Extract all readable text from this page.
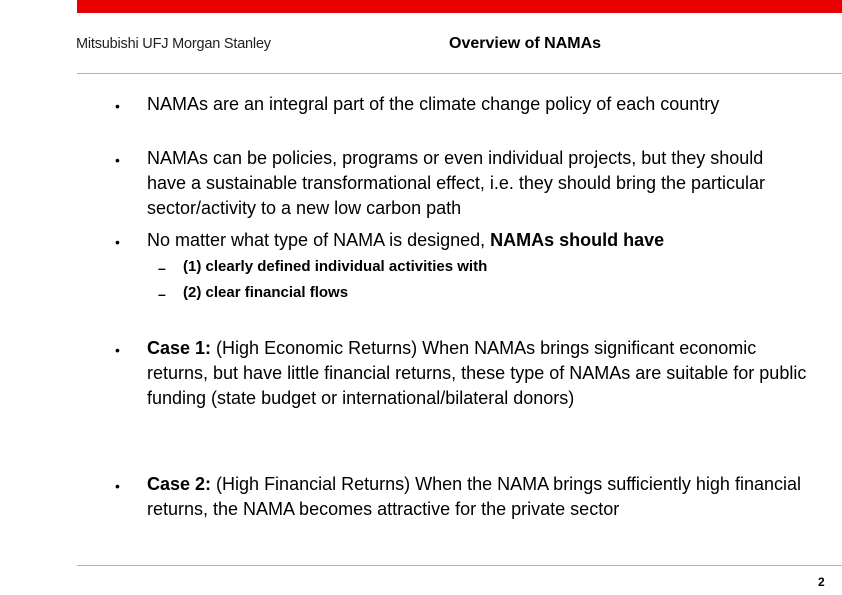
Mitsubishi UFJ Morgan Stanley	Overview of NAMAs
• NAMAs are an integral part of the climate change policy of each country
• NAMAs can be policies, programs or even individual projects, but they should have a sustainable transformational effect, i.e. they should bring the particular sector/activity to a new low carbon path
• No matter what type of NAMA is designed, NAMAs should have
– (1) clearly defined individual activities with
– (2) clear financial flows
• Case 1: (High Economic Returns) When NAMAs brings significant economic returns, but have little financial returns, these type of NAMAs are suitable for public funding (state budget or international/bilateral donors)
• Case 2: (High Financial Returns) When the NAMA brings sufficiently high financial returns, the NAMA becomes attractive for the private sector
2
